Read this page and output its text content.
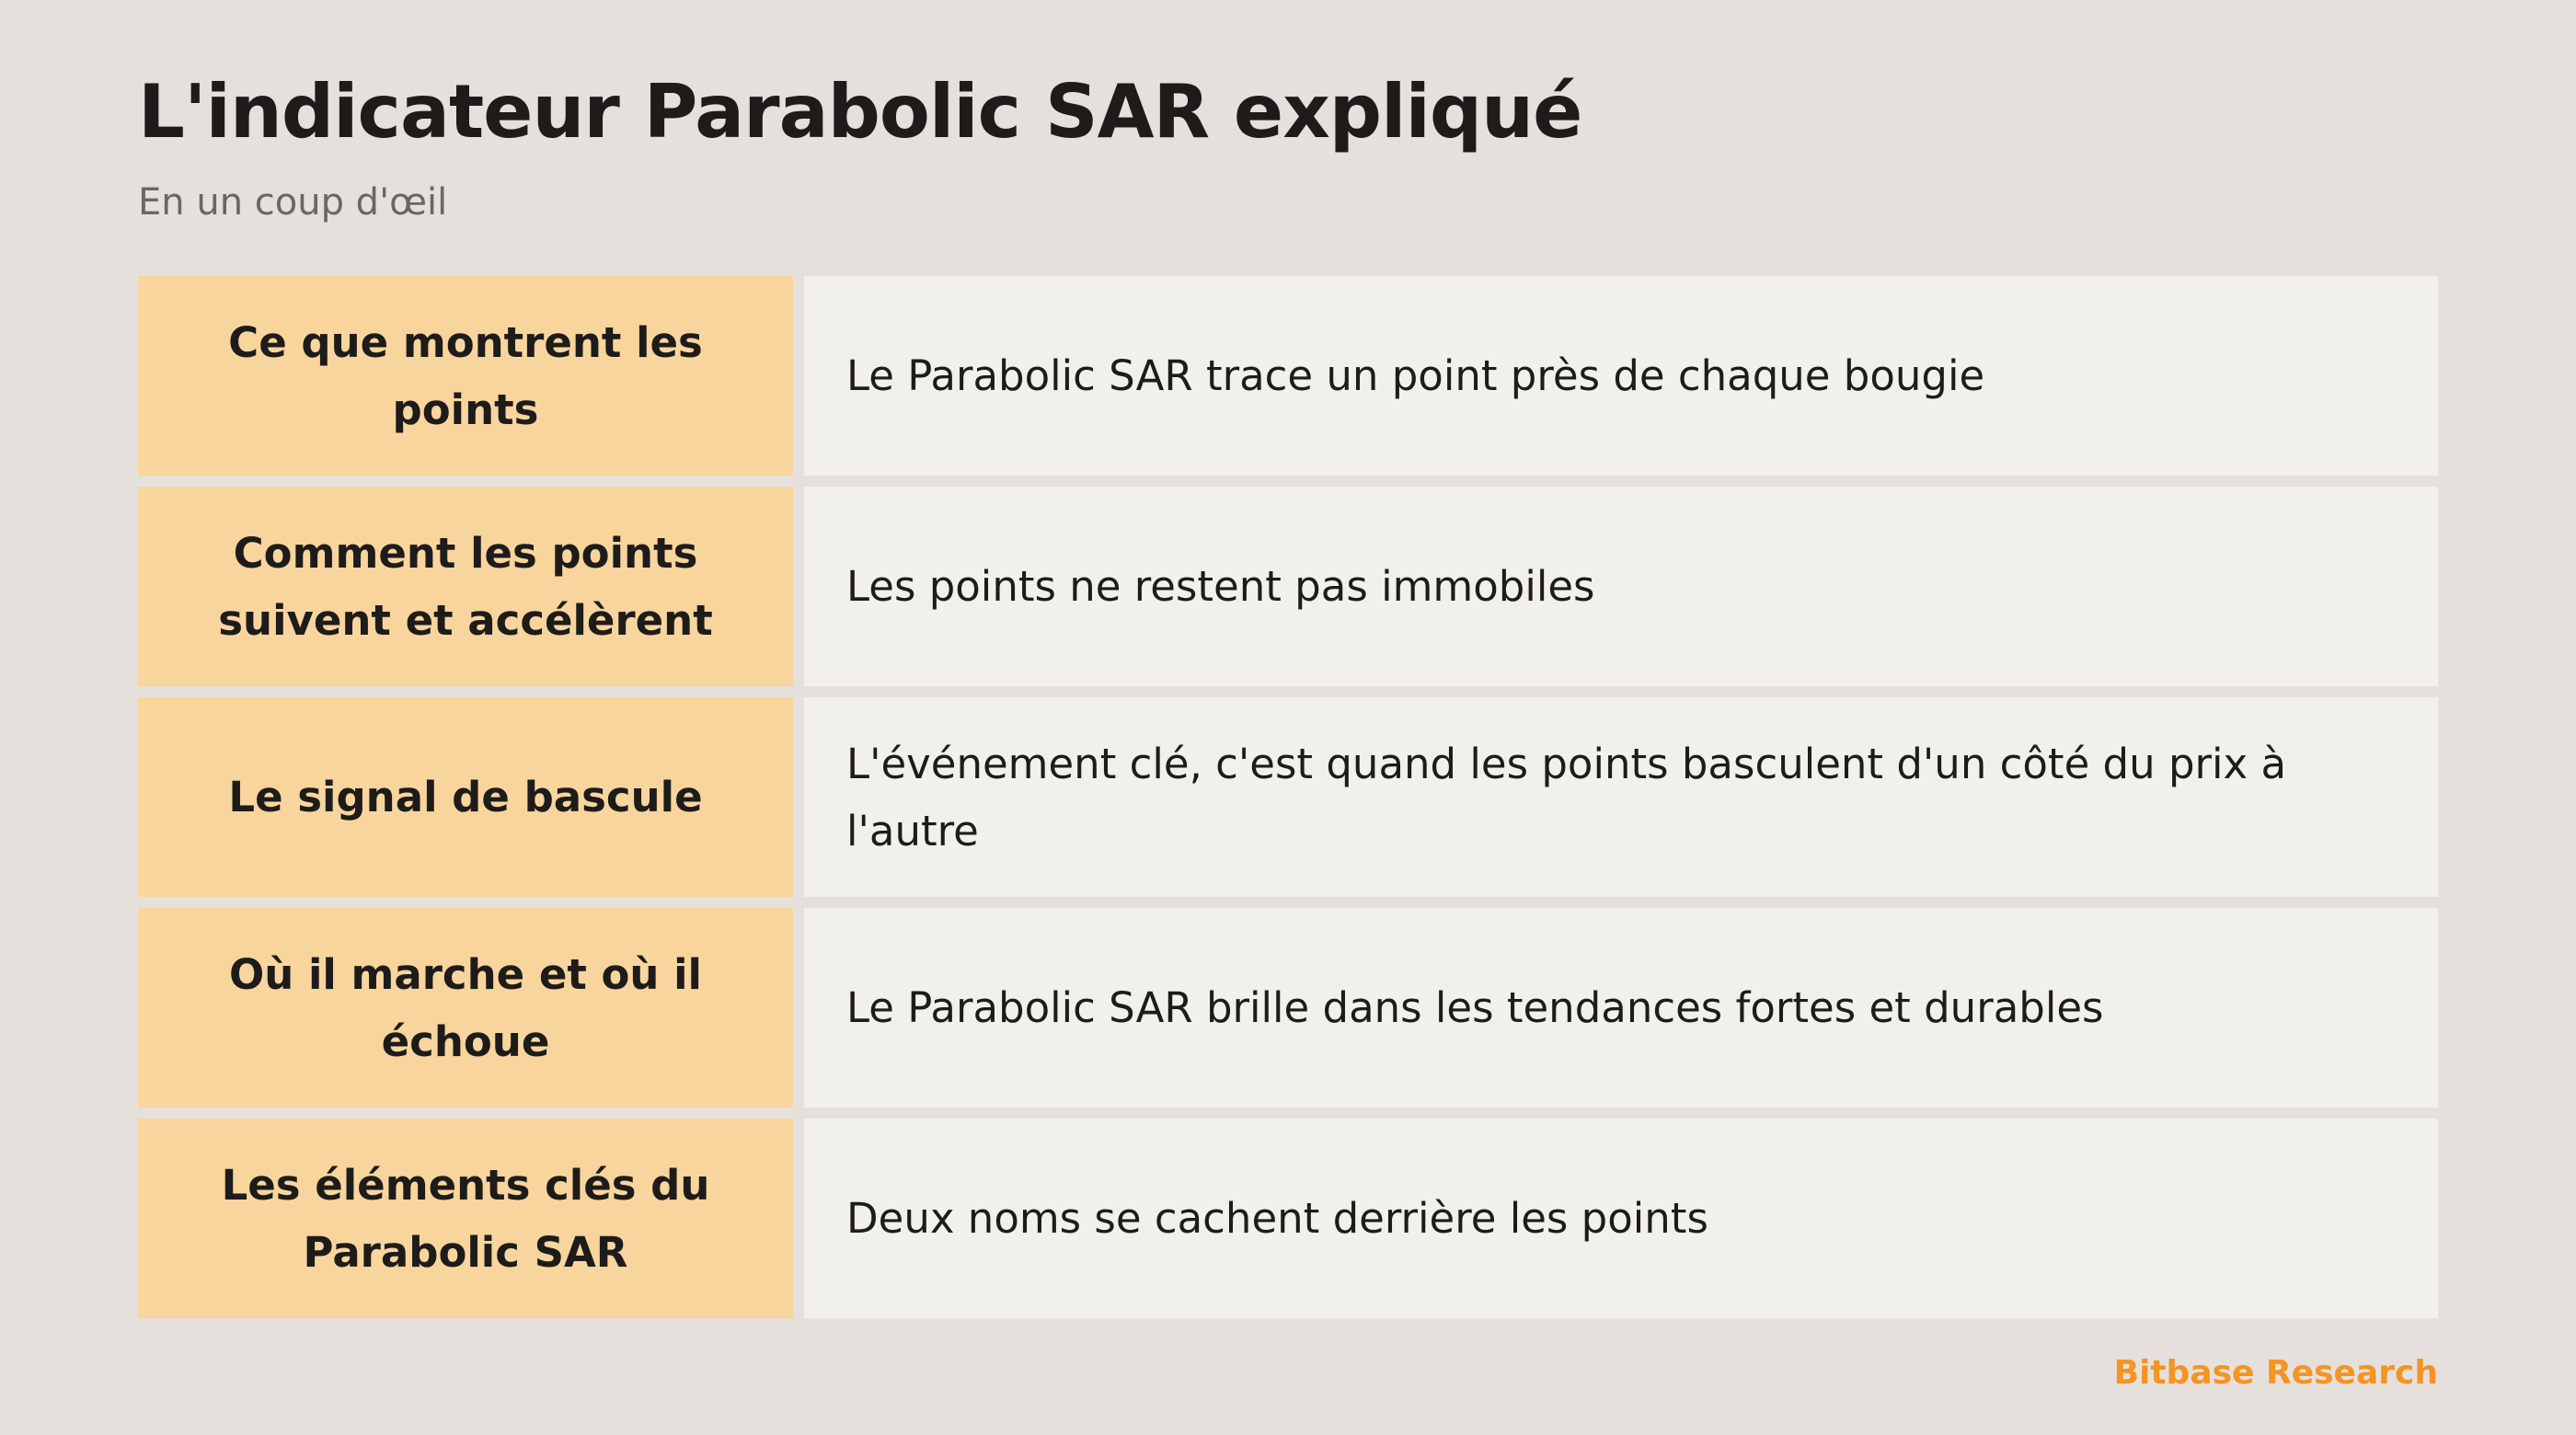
L'indicateur Parabolic SAR expliqué

En un coup d'œil

Ce que montrent les points
Le Parabolic SAR trace un point près de chaque bougie
Comment les points suivent et accélèrent
Les points ne restent pas immobiles
Le signal de bascule
L'événement clé, c'est quand les points basculent d'un côté du prix à l'autre
Où il marche et où il échoue
Le Parabolic SAR brille dans les tendances fortes et durables
Les éléments clés du Parabolic SAR
Deux noms se cachent derrière les points

Bitbase Research
